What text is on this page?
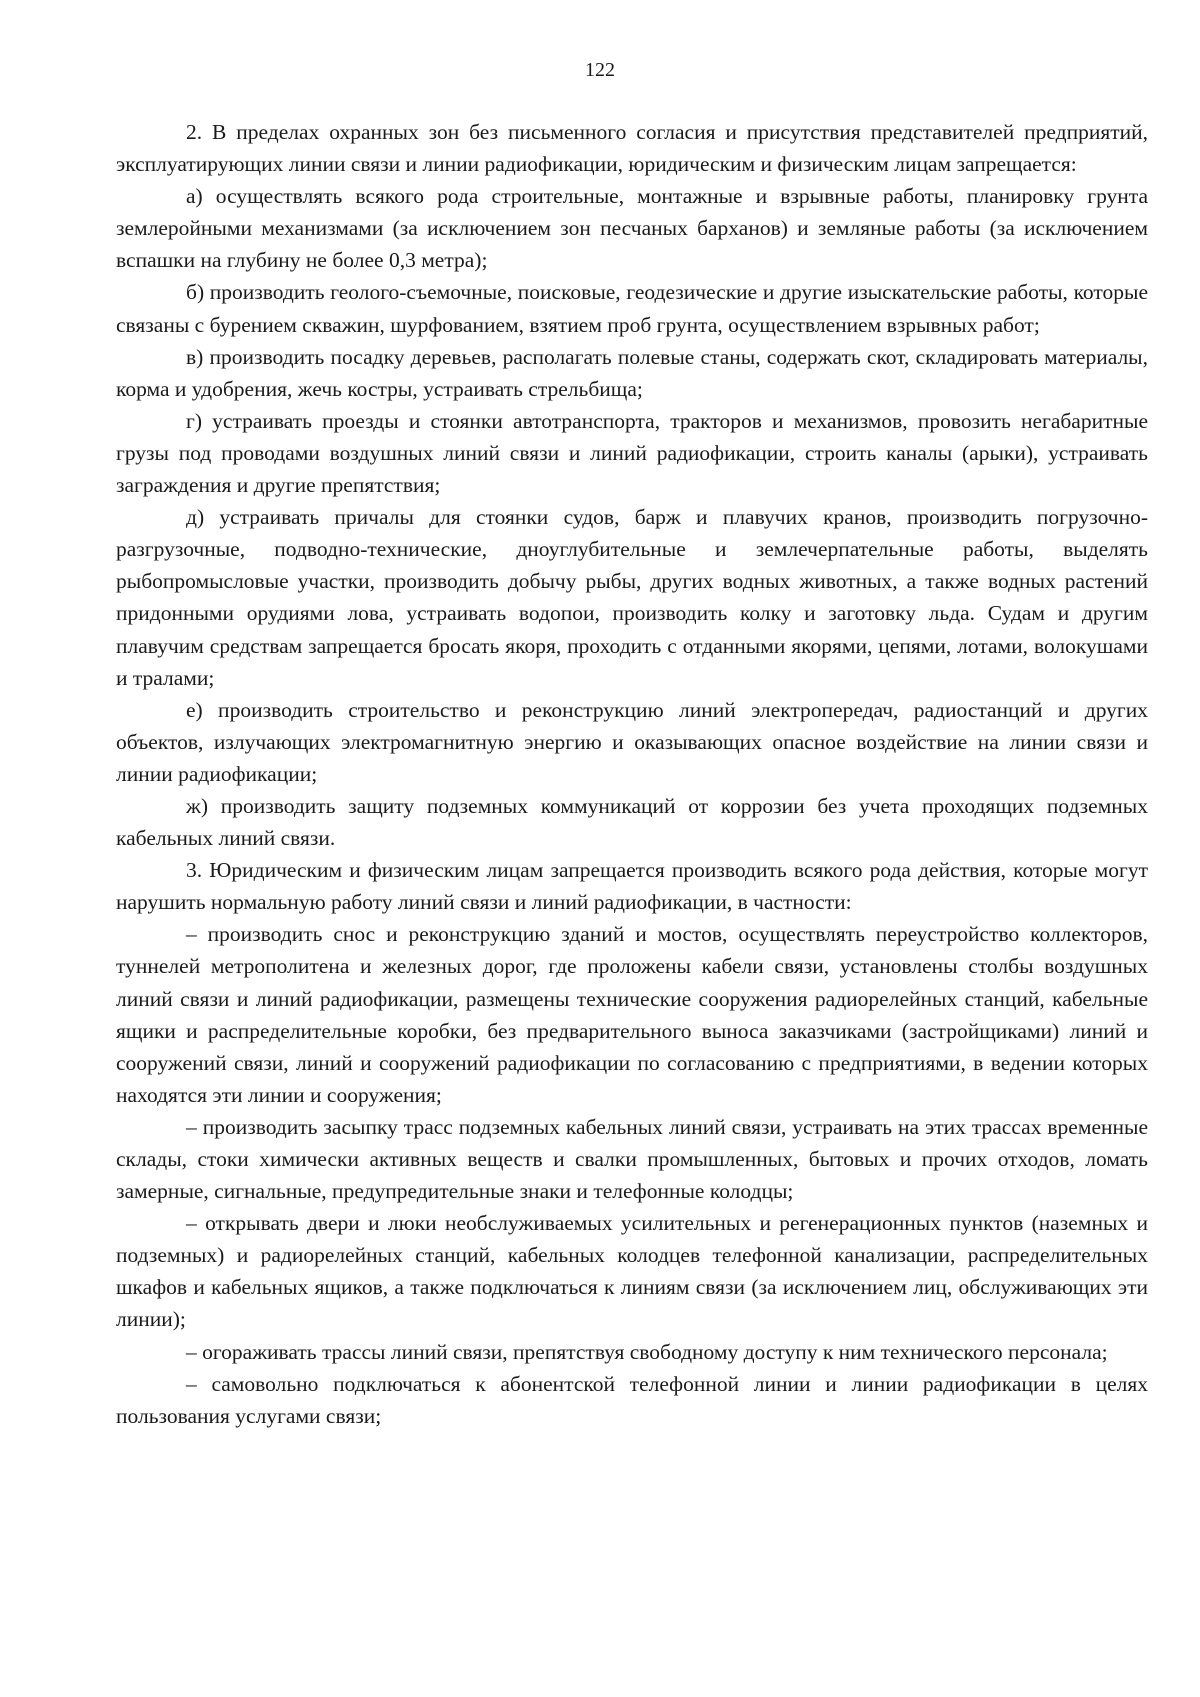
122

2. В пределах охранных зон без письменного согласия и присутствия представителей предприятий, эксплуатирующих линии связи и линии радиофикации, юридическим и физическим лицам запрещается:

а) осуществлять всякого рода строительные, монтажные и взрывные работы, планировку грунта землеройными механизмами (за исключением зон песчаных барханов) и земляные работы (за исключением вспашки на глубину не более 0,3 метра);

б) производить геолого-съемочные, поисковые, геодезические и другие изыскательские работы, которые связаны с бурением скважин, шурфованием, взятием проб грунта, осуществлением взрывных работ;

в) производить посадку деревьев, располагать полевые станы, содержать скот, складировать материалы, корма и удобрения, жечь костры, устраивать стрельбища;

г) устраивать проезды и стоянки автотранспорта, тракторов и механизмов, провозить негабаритные грузы под проводами воздушных линий связи и линий радиофикации, строить каналы (арыки), устраивать заграждения и другие препятствия;

д) устраивать причалы для стоянки судов, барж и плавучих кранов, производить погрузочно-разгрузочные, подводно-технические, дноуглубительные и землечерпательные работы, выделять рыбопромысловые участки, производить добычу рыбы, других водных животных, а также водных растений придонными орудиями лова, устраивать водопои, производить колку и заготовку льда. Судам и другим плавучим средствам запрещается бросать якоря, проходить с отданными якорями, цепями, лотами, волокушами и тралами;

е) производить строительство и реконструкцию линий электропередач, радиостанций и других объектов, излучающих электромагнитную энергию и оказывающих опасное воздействие на линии связи и линии радиофикации;

ж) производить защиту подземных коммуникаций от коррозии без учета проходящих подземных кабельных линий связи.

3. Юридическим и физическим лицам запрещается производить всякого рода действия, которые могут нарушить нормальную работу линий связи и линий радиофикации, в частности:

– производить снос и реконструкцию зданий и мостов, осуществлять переустройство коллекторов, туннелей метрополитена и железных дорог, где проложены кабели связи, установлены столбы воздушных линий связи и линий радиофикации, размещены технические сооружения радиорелейных станций, кабельные ящики и распределительные коробки, без предварительного выноса заказчиками (застройщиками) линий и сооружений связи, линий и сооружений радиофикации по согласованию с предприятиями, в ведении которых находятся эти линии и сооружения;

– производить засыпку трасс подземных кабельных линий связи, устраивать на этих трассах временные склады, стоки химически активных веществ и свалки промышленных, бытовых и прочих отходов, ломать замерные, сигнальные, предупредительные знаки и телефонные колодцы;

– открывать двери и люки необслуживаемых усилительных и регенерационных пунктов (наземных и подземных) и радиорелейных станций, кабельных колодцев телефонной канализации, распределительных шкафов и кабельных ящиков, а также подключаться к линиям связи (за исключением лиц, обслуживающих эти линии);

– огораживать трассы линий связи, препятствуя свободному доступу к ним технического персонала;

– самовольно подключаться к абонентской телефонной линии и линии радиофикации в целях пользования услугами связи;
